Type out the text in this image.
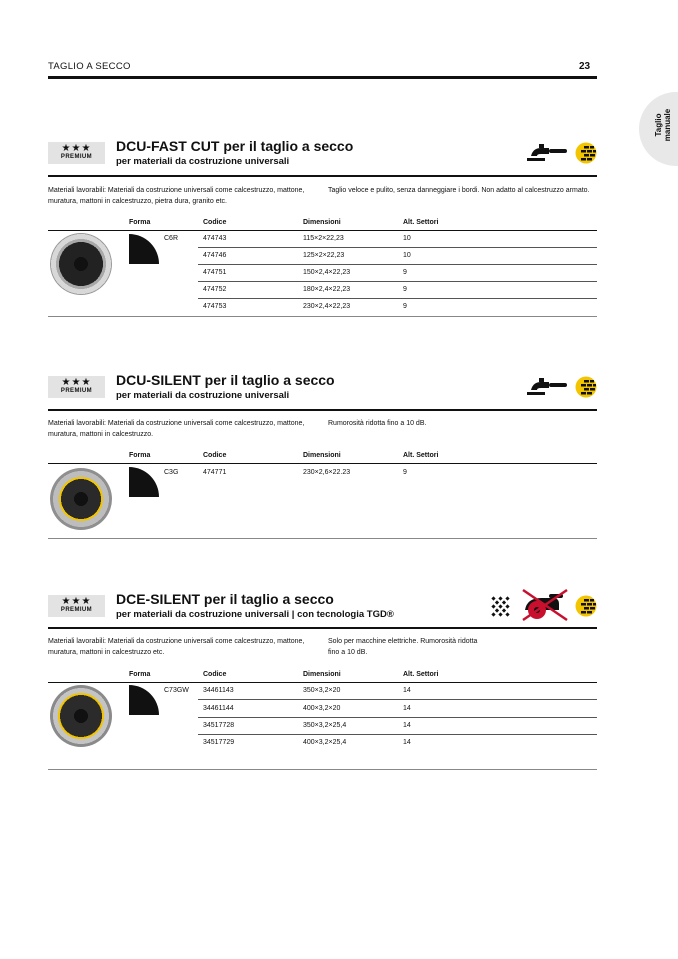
TAGLIO A SECCO	23
Taglio manuale
★★★
PREMIUM
DCU-FAST CUT per il taglio a secco
per materiali da costruzione universali
Materiali lavorabili: Materiali da costruzione universali come calcestruzzo, mattone, muratura, mattoni in calcestruzzo, pietra dura, granito etc.
Taglio veloce e pulito, senza danneggiare i bordi. Non adatto al calcestruzzo armato.
Forma	Codice	Dimensioni	Alt. Settori
C6R	474743	115×2×22,23	10
474746	125×2×22,23	10
474751	150×2,4×22,23	9
474752	180×2,4×22,23	9
474753	230×2,4×22,23	9
★★★
PREMIUM
DCU-SILENT per il taglio a secco
per materiali da costruzione universali
Materiali lavorabili: Materiali da costruzione universali come calcestruzzo, mattone, muratura, mattoni in calcestruzzo.
Rumorosità ridotta fino a 10 dB.
Forma	Codice	Dimensioni	Alt. Settori
C3G	474771	230×2,6×22.23	9
★★★
PREMIUM
DCE-SILENT per il taglio a secco
per materiali da costruzione universali | con tecnologia TGD®
Materiali lavorabili: Materiali da costruzione universali come calcestruzzo, mattone, muratura, mattoni in calcestruzzo etc.
Solo per macchine elettriche. Rumorosità ridotta fino a 10 dB.
Forma	Codice	Dimensioni	Alt. Settori
C73GW 34461143	350×3,2×20	14
34461144	400×3,2×20	14
34517728	350×3,2×25,4	14
34517729	400×3,2×25,4	14
